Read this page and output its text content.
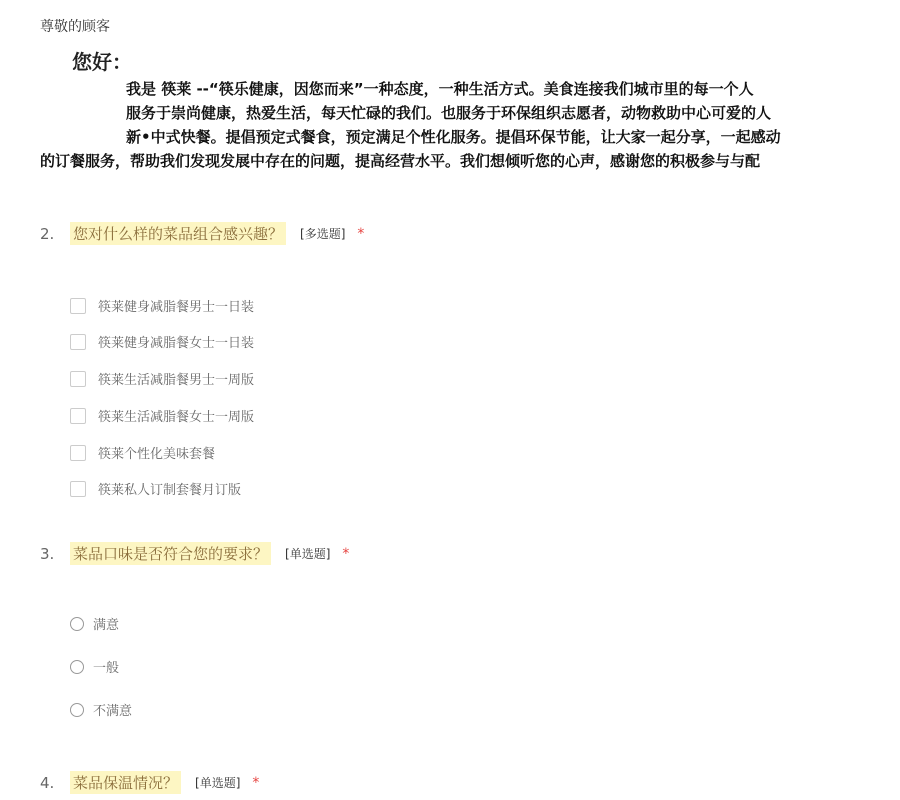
尊敬的顾客
您好：
我是 筷莱 --“筷乐健康，因您而来”一种态度，一种生活方式。美食连接我们城市里的每一个人
服务于崇尚健康，热爱生活，每天忙碌的我们。也服务于环保组织志愿者，动物救助中心可爱的人
新•中式快餐。提倡预定式餐食，预定满足个性化服务。提倡环保节能，让大家一起分享，一起感动
的订餐服务，帮助我们发现发展中存在的问题，提高经营水平。我们想倾听您的心声，感谢您的积极参与与配
2.	您对什么样的菜品组合感兴趣？ [多选题] *
筷莱健身减脂餐男士一日装
筷莱健身减脂餐女士一日装
筷莱生活减脂餐男士一周版
筷莱生活减脂餐女士一周版
筷莱个性化美味套餐
筷莱私人订制套餐月订版
3.	菜品口味是否符合您的要求？ [单选题] *
满意
一般
不满意
4.	菜品保温情况？ [单选题] *
